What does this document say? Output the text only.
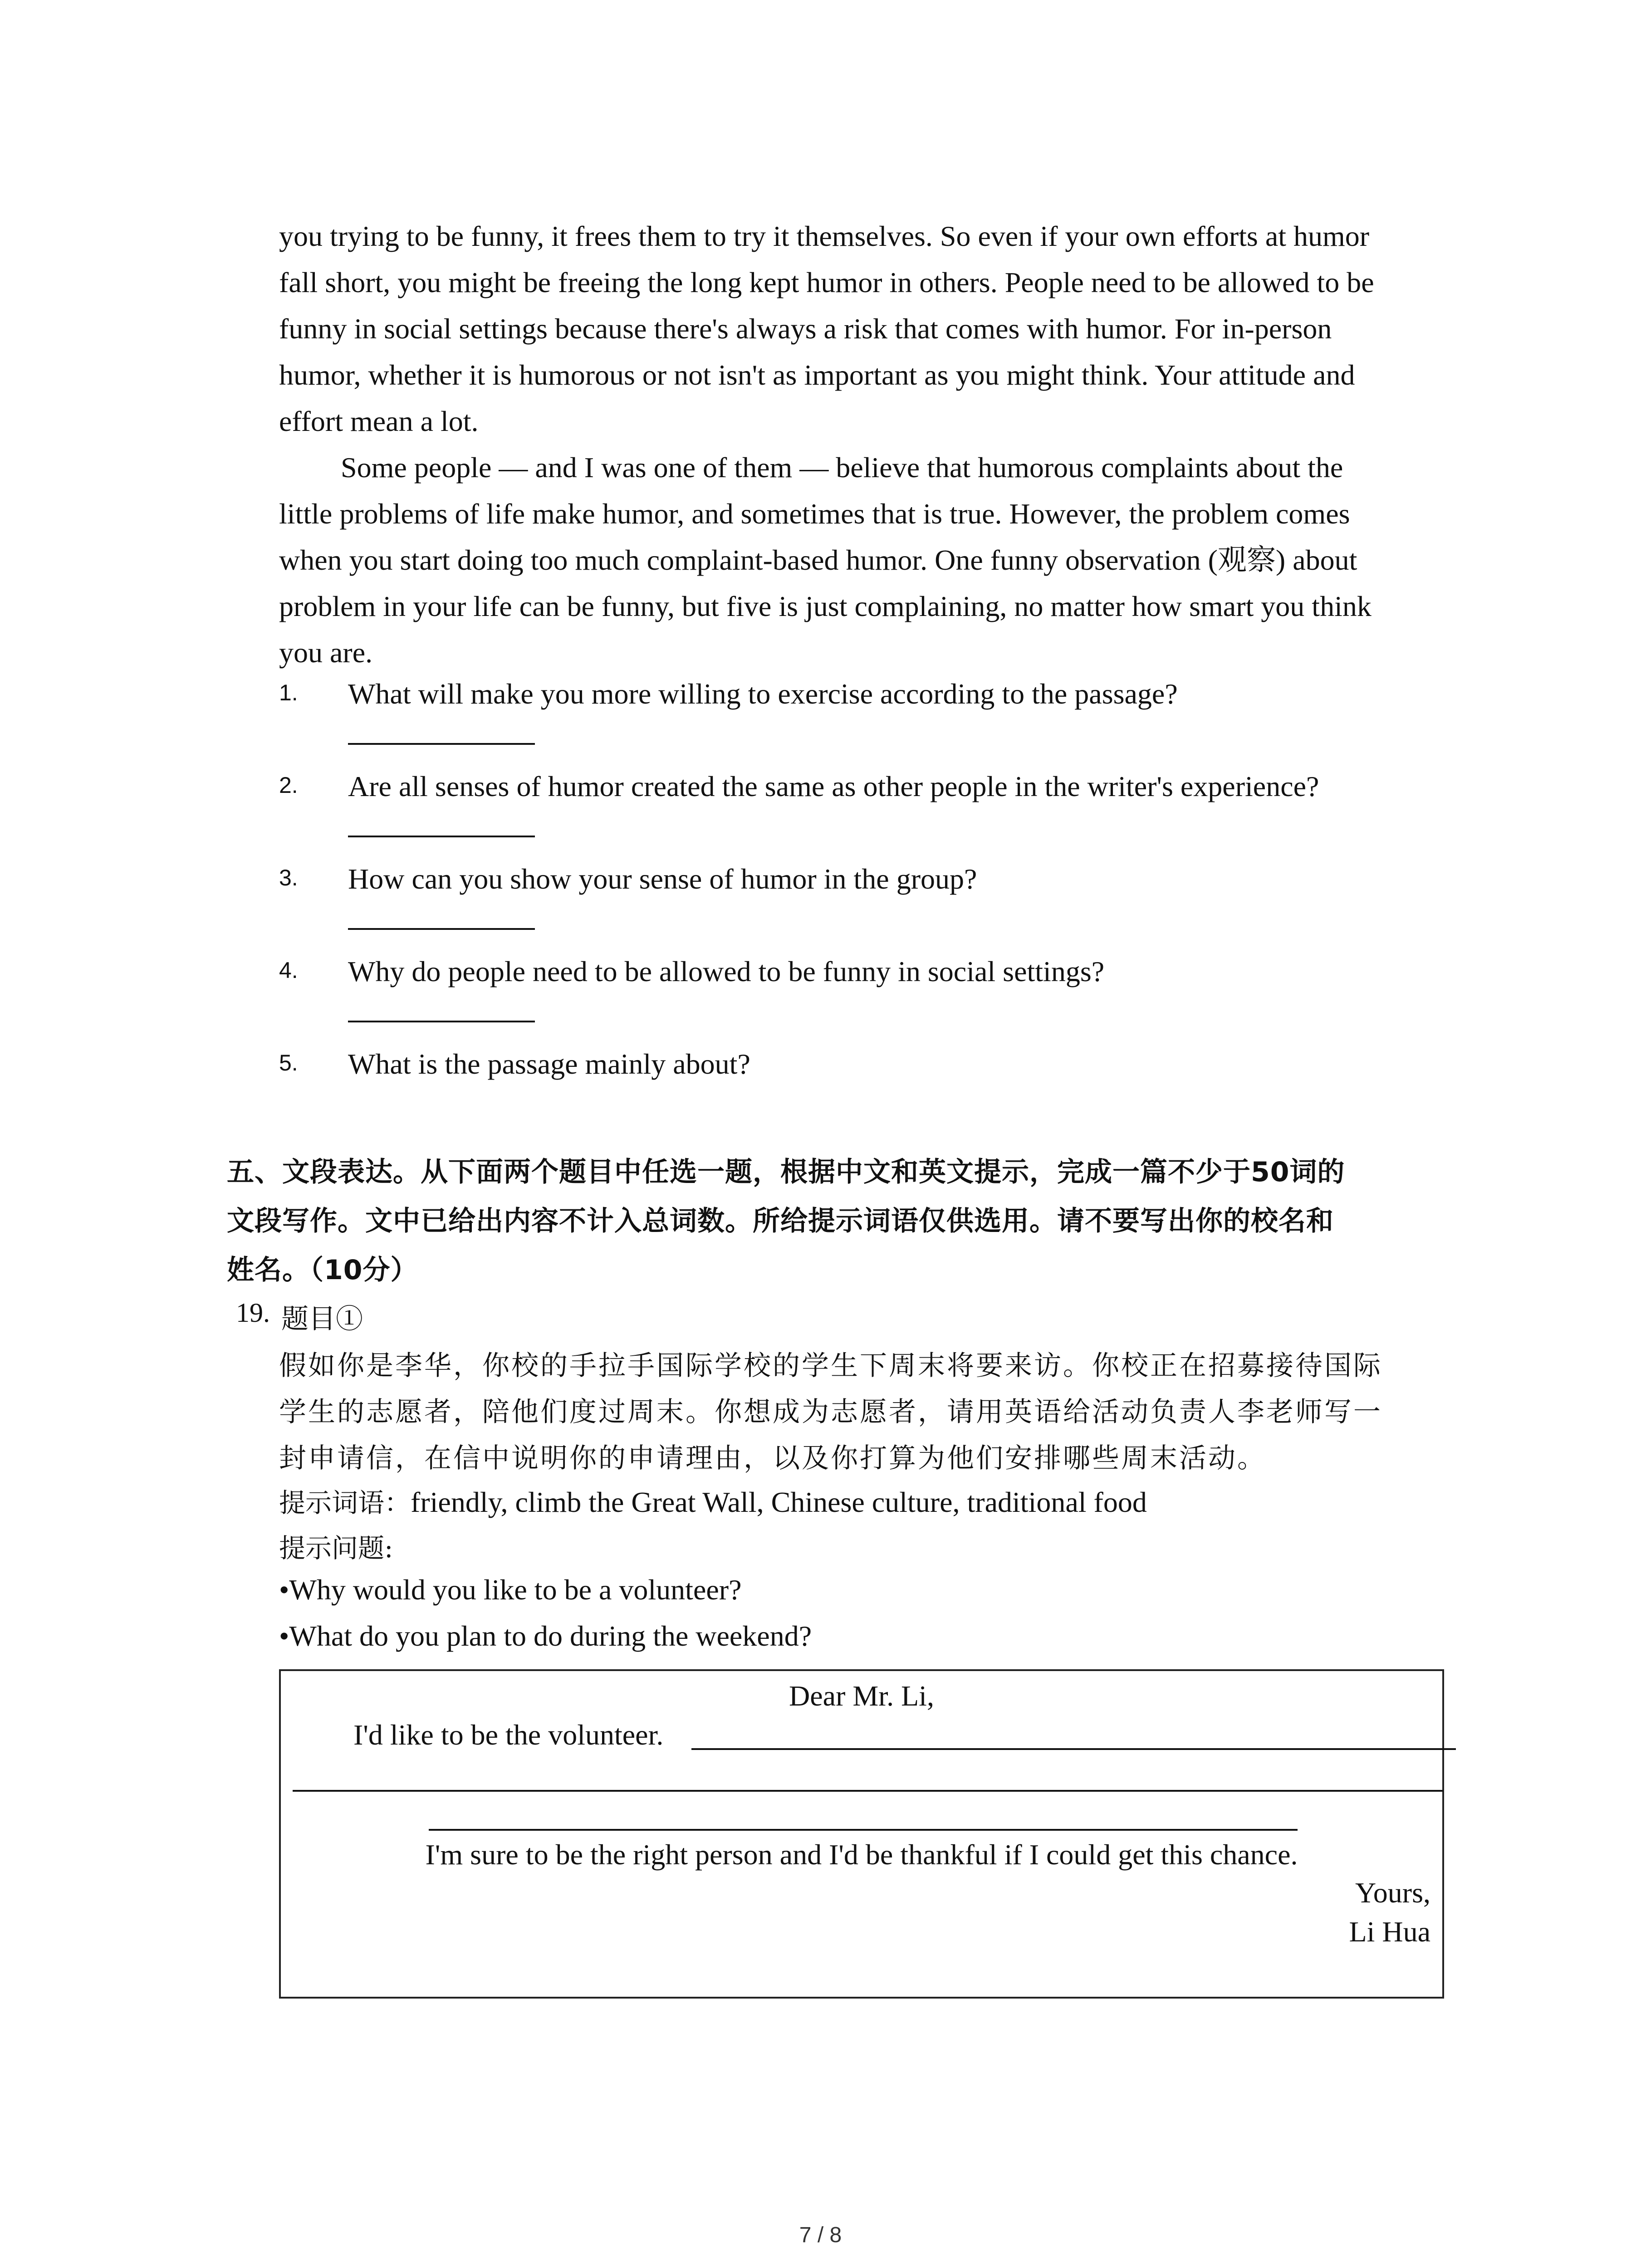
you trying to be funny, it frees them to try it themselves. So even if your own efforts at humor
fall short, you might be freeing the long kept humor in others. People need to be allowed to be
funny in social settings because there's always a risk that comes with humor. For in-person
humor, whether it is humorous or not isn't as important as you might think. Your attitude and
effort mean a lot.

Some people — and I was one of them — believe that humorous complaints about the
little problems of life make humor, and sometimes that is true. However, the problem comes
when you start doing too much complaint-based humor. One funny observation (观察) about
problem in your life can be funny, but five is just complaining, no matter how smart you think
you are.

1. What will make you more willing to exercise according to the passage?
2. Are all senses of humor created the same as other people in the writer's experience?
3. How can you show your sense of humor in the group?
4. Why do people need to be allowed to be funny in social settings?
5. What is the passage mainly about?
五、文段表达。从下面两个题目中任选一题，根据中文和英文提示，完成一篇不少于50词的
文段写作。文中已给出内容不计入总词数。所给提示词语仅供选用。请不要写出你的校名和
姓名。（10分）
19. 题目①

假如你是李华，你校的手拉手国际学校的学生下周末将要来访。你校正在招募接待国际
学生的志愿者，陪他们度过周末。你想成为志愿者，请用英语给活动负责人李老师写一
封申请信，在信中说明你的申请理由，以及你打算为他们安排哪些周末活动。

提示词语：friendly, climb the Great Wall, Chinese culture, traditional food
提示问题:
•Why would you like to be a volunteer?
•What do you plan to do during the weekend?
Dear Mr. Li,
I'd like to be the volunteer.
I'm sure to be the right person and I'd be thankful if I could get this chance.
Yours,
Li Hua
7 / 8
